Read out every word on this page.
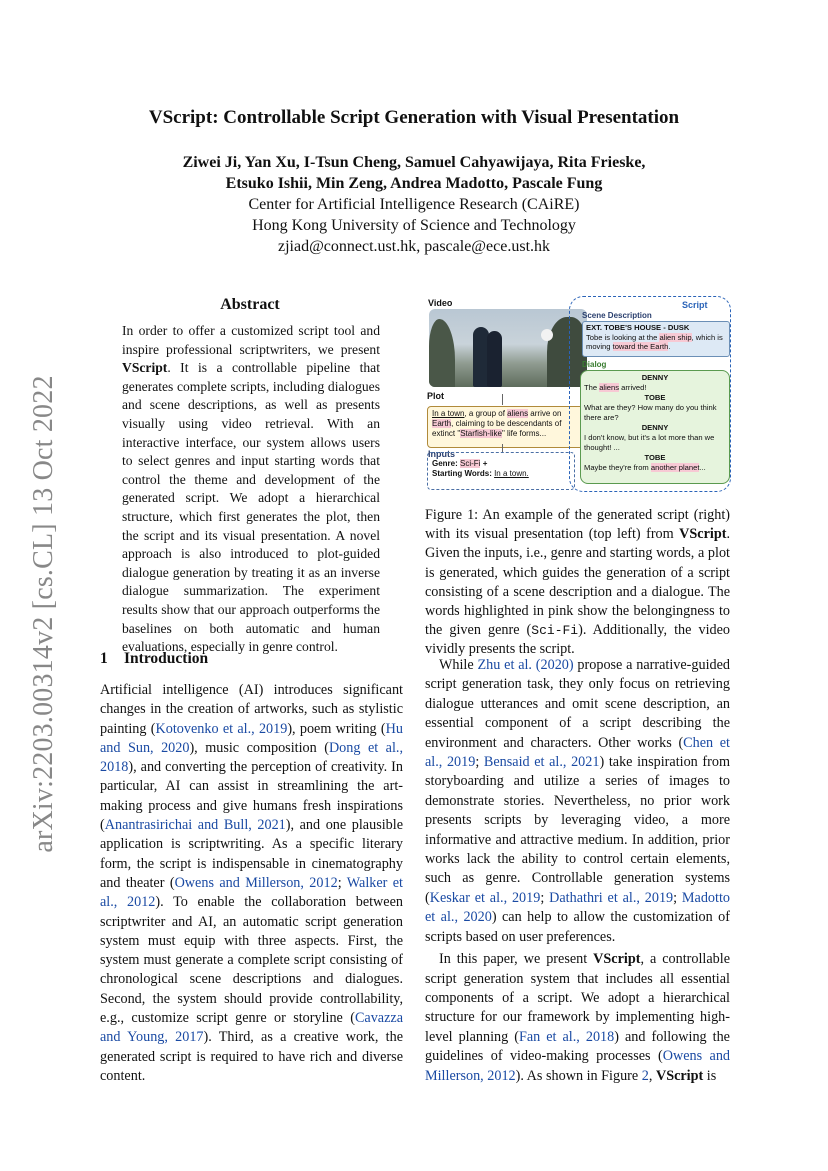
arXiv:2203.00314v2 [cs.CL] 13 Oct 2022
VScript: Controllable Script Generation with Visual Presentation
Ziwei Ji, Yan Xu, I-Tsun Cheng, Samuel Cahyawijaya, Rita Frieske,
Etsuko Ishii, Min Zeng, Andrea Madotto, Pascale Fung
Center for Artificial Intelligence Research (CAiRE)
Hong Kong University of Science and Technology
zjiad@connect.ust.hk, pascale@ece.ust.hk
Abstract

In order to offer a customized script tool and inspire professional scriptwriters, we present VScript. It is a controllable pipeline that generates complete scripts, including dialogues and scene descriptions, as well as presents visually using video retrieval. With an interactive interface, our system allows users to select genres and input starting words that control the theme and development of the generated script. We adopt a hierarchical structure, which first generates the plot, then the script and its visual presentation. A novel approach is also introduced to plot-guided dialogue generation by treating it as an inverse dialogue summarization. The experiment results show that our approach outperforms the baselines on both automatic and human evaluations, especially in genre control.

Video
Plot
In a town, a group of aliens arrive on Earth, claiming to be descendants of extinct "Starfish-like" life forms...
Inputs
Genre: Sci-Fi +
Starting Words: In a town.
Script
Scene Description
EXT. TOBE'S HOUSE - DUSK
Tobe is looking at the alien ship, which is moving toward the Earth.
Dialog
DENNY
The aliens arrived!
TOBE
What are they? How many do you think there are?
DENNY
I don't know, but it's a lot more than we thought! ...
TOBE
Maybe they're from another planet...

Figure 1: An example of the generated script (right) with its visual presentation (top left) from VScript. Given the inputs, i.e., genre and starting words, a plot is generated, which guides the generation of a script consisting of a scene description and a dialogue. The words highlighted in pink show the belongingness to the given genre (Sci-Fi). Additionally, the video vividly presents the script.

1 Introduction

Artificial intelligence (AI) introduces significant changes in the creation of artworks, such as stylistic painting (Kotovenko et al., 2019), poem writing (Hu and Sun, 2020), music composition (Dong et al., 2018), and converting the perception of creativity. In particular, AI can assist in streamlining the art-making process and give humans fresh inspirations (Anantrasirichai and Bull, 2021), and one plausible application is scriptwriting. As a specific literary form, the script is indispensable in cinematography and theater (Owens and Millerson, 2012; Walker et al., 2012). To enable the collaboration between scriptwriter and AI, an automatic script generation system must equip with three aspects. First, the system must generate a complete script consisting of chronological scene descriptions and dialogues. Second, the system should provide controllability, e.g., customize script genre or storyline (Cavazza and Young, 2017). Third, as a creative work, the generated script is required to have rich and diverse content.

While Zhu et al. (2020) propose a narrative-guided script generation task, they only focus on retrieving dialogue utterances and omit scene description, an essential component of a script describing the environment and characters. Other works (Chen et al., 2019; Bensaid et al., 2021) take inspiration from storyboarding and utilize a series of images to demonstrate stories. Nevertheless, no prior work presents scripts by leveraging video, a more informative and attractive medium. In addition, prior works lack the ability to control certain elements, such as genre. Controllable generation systems (Keskar et al., 2019; Dathathri et al., 2019; Madotto et al., 2020) can help to allow the customization of scripts based on user preferences.

In this paper, we present VScript, a controllable script generation system that includes all essential components of a script. We adopt a hierarchical structure for our framework by implementing high-level planning (Fan et al., 2018) and following the guidelines of video-making processes (Owens and Millerson, 2012). As shown in Figure 2, VScript is
